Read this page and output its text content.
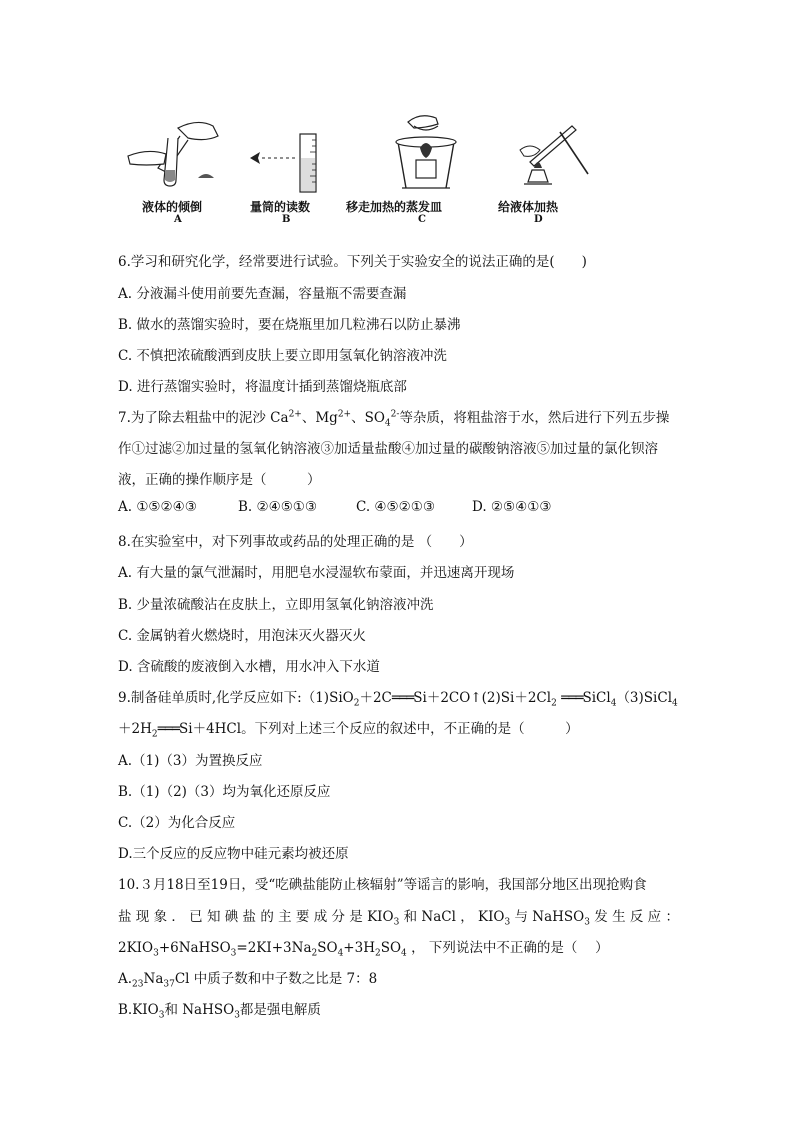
液体的倾倒
A
量筒的读数
B
移走加热的蒸发皿
C
给液体加热
D
6.学习和研究化学，经常要进行试验。下列关于实验安全的说法正确的是(　　)
A. 分液漏斗使用前要先查漏，容量瓶不需要查漏
B. 做水的蒸馏实验时，要在烧瓶里加几粒沸石以防止暴沸
C. 不慎把浓硫酸洒到皮肤上要立即用氢氧化钠溶液冲洗
D. 进行蒸馏实验时，将温度计插到蒸馏烧瓶底部
7.为了除去粗盐中的泥沙 $Ca^{2+}$、$Mg^{2+}$、$SO_4^{2-}$等杂质，将粗盐溶于水，然后进行下列五步操
作①过滤②加过量的氢氧化钠溶液③加适量盐酸④加过量的碳酸钠溶液⑤加过量的氯化钡溶
液，正确的操作顺序是（　　　）
A. ①⑤②④③	B. ②④⑤①③	C. ④⑤②①③	D. ②⑤④①③
8.在实验室中，对下列事故或药品的处理正确的是 （　　）
A. 有大量的氯气泄漏时，用肥皂水浸湿软布蒙面，并迅速离开现场
B. 少量浓硫酸沾在皮肤上，立即用氢氧化钠溶液冲洗
C. 金属钠着火燃烧时，用泡沫灭火器灭火
D. 含硫酸的废液倒入水槽，用水冲入下水道
9.制备硅单质时,化学反应如下$:(1)SiO_2+2C═══Si+2CO↑(2)Si+2Cl_2$ ═══SiCl$_4$（3)SiCl$_4$
$+2H_2═══Si+4HCl$。下列对上述三个反应的叙述中，不正确的是（　　　）
A.（1)（3）为置换反应
B.（1)（2)（3）均为氧化还原反应
C.（2）为化合反应
D.三个反应的反应物中硅元素均被还原
10.３月18日至19日，受“吃碘盐能防止核辐射”等谣言的影响，我国部分地区出现抢购食
盐 现 象 ． 已 知 碘 盐 的 主 要 成 分 是 $KIO_3$ 和 NaCl ， $KIO_3$ 与 NaHSO$_3$ 发 生 反 应 ：
$2KIO_3+6NaHSO_3=2KI+3Na_2SO_4+3H_2SO_4$ ， 下列说法中不正确的是（　 ）
$A._{23}Na_{37}Cl$ 中质子数和中子数之比是 7：8
$B.KIO_3$和 NaHSO$_3$都是强电解质
